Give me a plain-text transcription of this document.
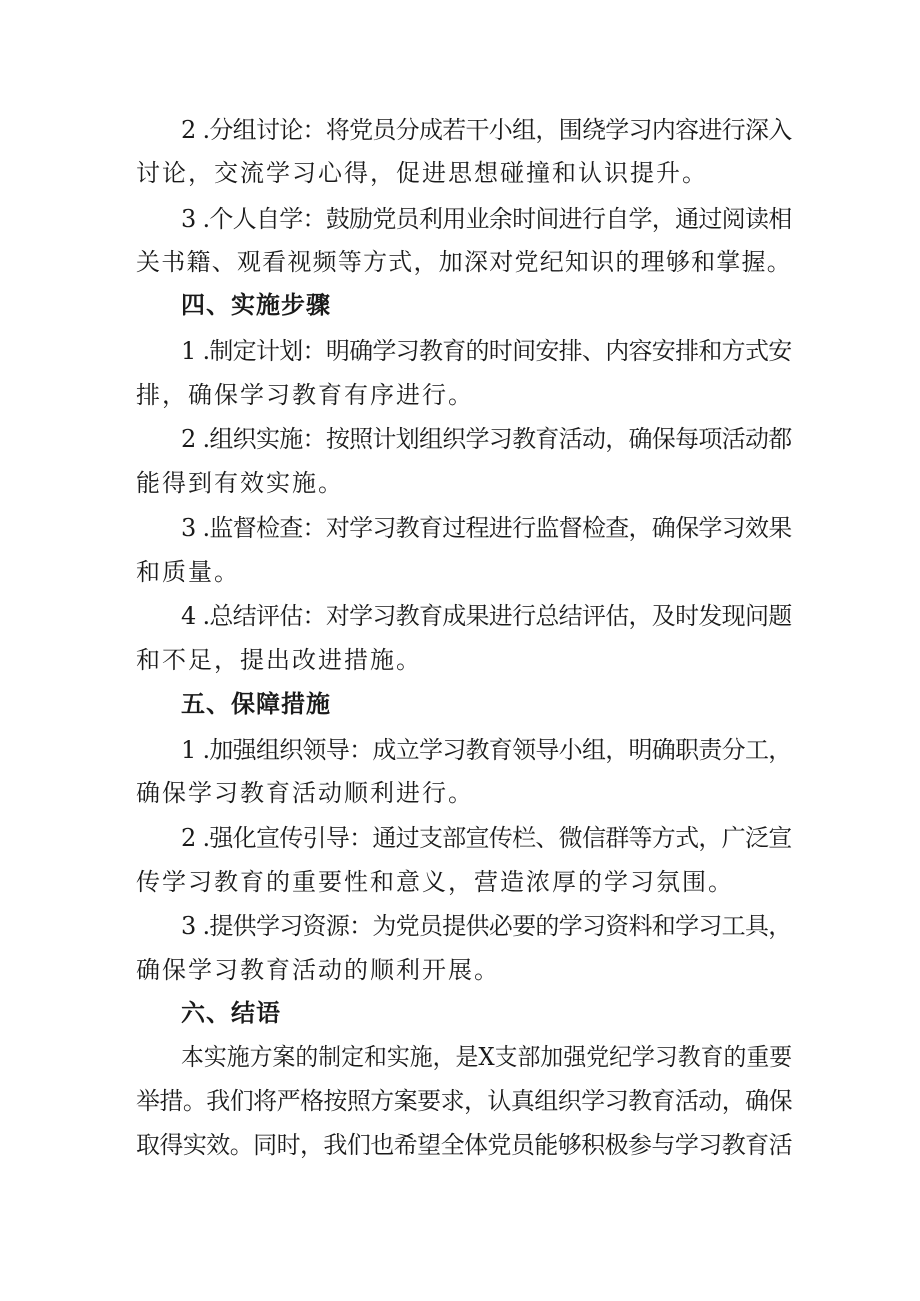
2 .分组讨论：将党员分成若干小组，围绕学习内容进行深入
讨论，交流学习心得，促进思想碰撞和认识提升。
3 .个人自学：鼓励党员利用业余时间进行自学，通过阅读相
关书籍、观看视频等方式，加深对党纪知识的理够和掌握。
四、实施步骤
1 .制定计划：明确学习教育的时间安排、内容安排和方式安
排，确保学习教育有序进行。
2 .组织实施：按照计划组织学习教育活动，确保每项活动都
能得到有效实施。
3 .监督检查：对学习教育过程进行监督检查，确保学习效果
和质量。
4 .总结评估：对学习教育成果进行总结评估，及时发现问题
和不足，提出改进措施。
五、保障措施
1 .加强组织领导：成立学习教育领导小组，明确职责分工，
确保学习教育活动顺利进行。
2 .强化宣传引导：通过支部宣传栏、微信群等方式，广泛宣
传学习教育的重要性和意义，营造浓厚的学习氛围。
3 .提供学习资源：为党员提供必要的学习资料和学习工具，
确保学习教育活动的顺利开展。
六、结语
本实施方案的制定和实施，是X支部加强党纪学习教育的重要
举措。我们将严格按照方案要求，认真组织学习教育活动，确保
取得实效。同时，我们也希望全体党员能够积极参与学习教育活
